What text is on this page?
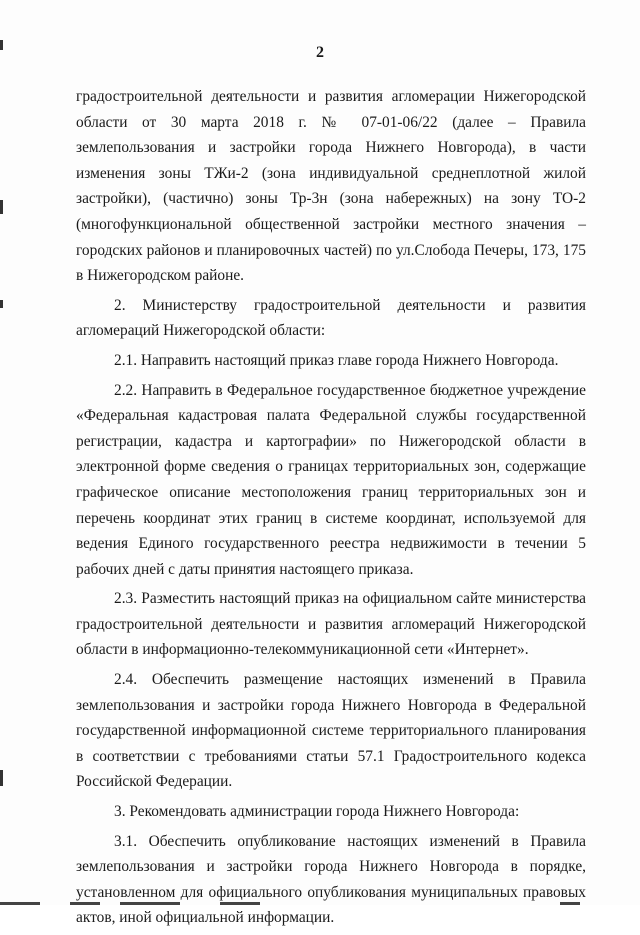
2

градостроительной деятельности и развития агломерации Нижегородской области от 30 марта 2018 г. № 07-01-06/22 (далее – Правила землепользования и застройки города Нижнего Новгорода), в части изменения зоны ТЖи-2 (зона индивидуальной среднеплотной жилой застройки), (частично) зоны Тр-3н (зона набережных) на зону ТО-2 (многофункциональной общественной застройки местного значения – городских районов и планировочных частей) по ул.Слобода Печеры, 173, 175 в Нижегородском районе.

2. Министерству градостроительной деятельности и развития агломераций Нижегородской области:

2.1. Направить настоящий приказ главе города Нижнего Новгорода.

2.2. Направить в Федеральное государственное бюджетное учреждение «Федеральная кадастровая палата Федеральной службы государственной регистрации, кадастра и картографии» по Нижегородской области в электронной форме сведения о границах территориальных зон, содержащие графическое описание местоположения границ территориальных зон и перечень координат этих границ в системе координат, используемой для ведения Единого государственного реестра недвижимости в течении 5 рабочих дней с даты принятия настоящего приказа.

2.3. Разместить настоящий приказ на официальном сайте министерства градостроительной деятельности и развития агломераций Нижегородской области в информационно-телекоммуникационной сети «Интернет».

2.4. Обеспечить размещение настоящих изменений в Правила землепользования и застройки города Нижнего Новгорода в Федеральной государственной информационной системе территориального планирования в соответствии с требованиями статьи 57.1 Градостроительного кодекса Российской Федерации.

3. Рекомендовать администрации города Нижнего Новгорода:

3.1. Обеспечить опубликование настоящих изменений в Правила землепользования и застройки города Нижнего Новгорода в порядке, установленном для официального опубликования муниципальных правовых актов, иной официальной информации.
